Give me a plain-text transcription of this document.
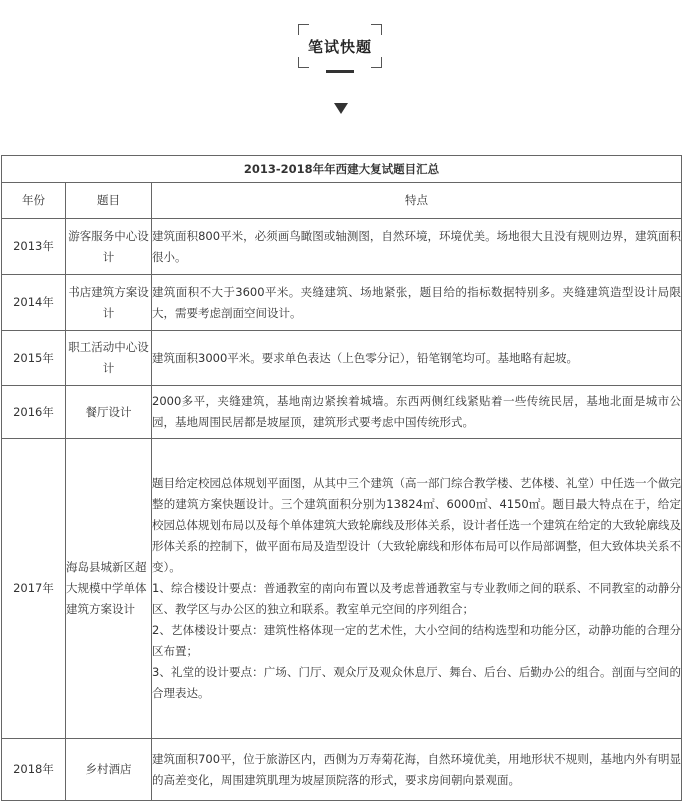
笔试快题
2013-2018年年西建大复试题目汇总		
年份	题目	特点
2013年	游客服务中心设计	建筑面积800平米，必须画鸟瞰图或轴测图，自然环境，环境优美。场地很大且没有规则边界，建筑面积很小。

2014年	书店建筑方案设计	建筑面积不大于3600平米。夹缝建筑、场地紧张，题目给的指标数据特别多。夹缝建筑造型设计局限大，需要考虑剖面空间设计。

2015年	职工活动中心设计	建筑面积3000平米。要求单色表达（上色零分记），铅笔钢笔均可。基地略有起坡。

2016年	餐厅设计	2000多平，夹缝建筑，基地南边紧挨着城墙。东西两侧红线紧贴着一些传统民居，基地北面是城市公园，基地周围民居都是坡屋顶，建筑形式要考虑中国传统形式。

2017年	海岛县城新区超大规模中学单体建筑方案设计	题目给定校园总体规划平面图，从其中三个建筑（高一部门综合教学楼、艺体楼、礼堂）中任选一个做完整的建筑方案快题设计。三个建筑面积分别为13824㎡、6000㎡、4150㎡。题目最大特点在于，给定校园总体规划布局以及每个单体建筑大致轮廓线及形体关系，设计者任选一个建筑在给定的大致轮廓线及形体关系的控制下，做平面布局及造型设计（大致轮廓线和形体布局可以作局部调整，但大致体块关系不变）。

1、综合楼设计要点：普通教室的南向布置以及考虑普通教室与专业教师之间的联系、不同教室的动静分区、教学区与办公区的独立和联系。教室单元空间的序列组合；

2、艺体楼设计要点：建筑性格体现一定的艺术性，大小空间的结构选型和功能分区，动静功能的合理分区布置；

3、礼堂的设计要点：广场、门厅、观众厅及观众休息厅、舞台、后台、后勤办公的组合。剖面与空间的合理表达。

2018年	乡村酒店	建筑面积700平，位于旅游区内，西侧为万寿菊花海，自然环境优美，用地形状不规则，基地内外有明显的高差变化，周围建筑肌理为坡屋顶院落的形式，要求房间朝向景观面。
